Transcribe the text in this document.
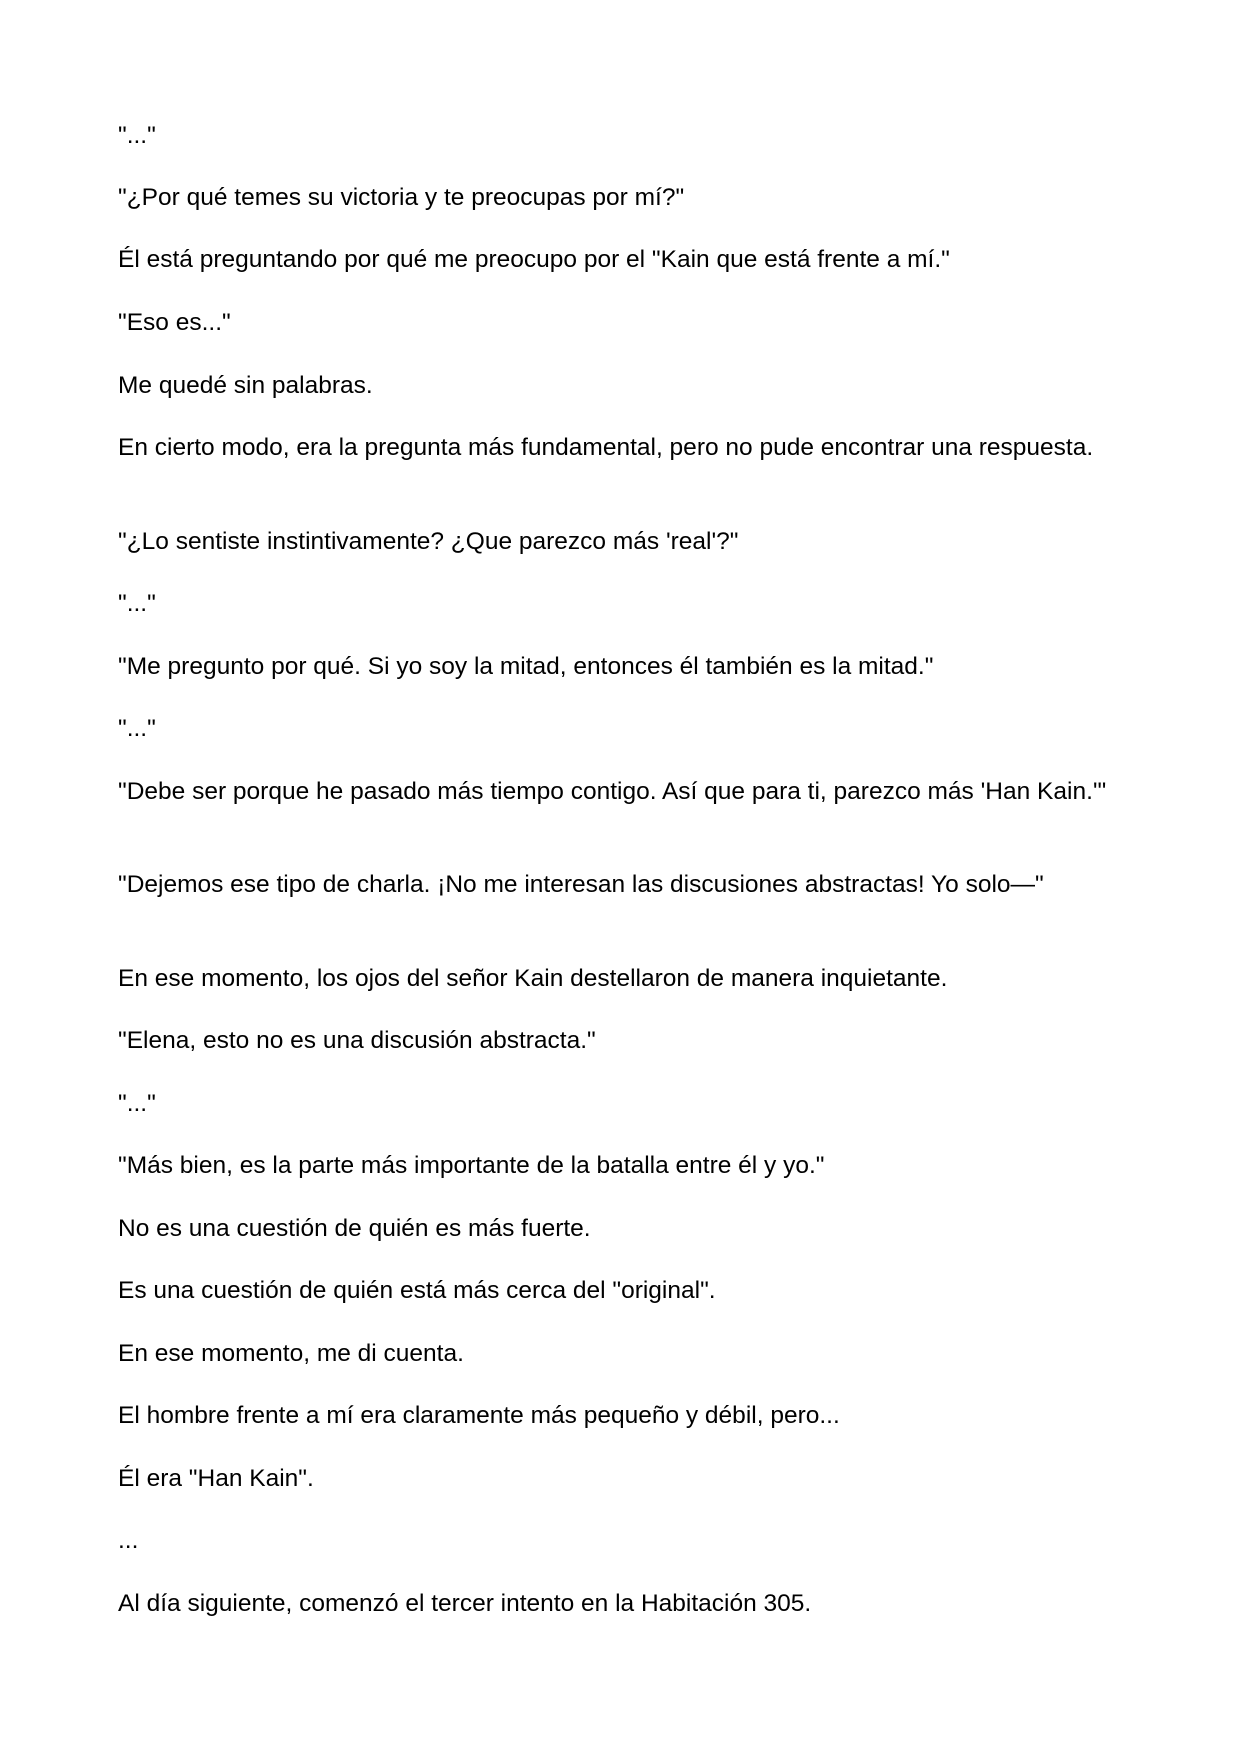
"..."

"¿Por qué temes su victoria y te preocupas por mí?"

Él está preguntando por qué me preocupo por el "Kain que está frente a mí."

"Eso es..."

Me quedé sin palabras.

En cierto modo, era la pregunta más fundamental, pero no pude encontrar una respuesta.

"¿Lo sentiste instintivamente? ¿Que parezco más 'real'?"

"..."

"Me pregunto por qué. Si yo soy la mitad, entonces él también es la mitad."

"..."

"Debe ser porque he pasado más tiempo contigo. Así que para ti, parezco más 'Han Kain.'"

"Dejemos ese tipo de charla. ¡No me interesan las discusiones abstractas! Yo solo—"

En ese momento, los ojos del señor Kain destellaron de manera inquietante.

"Elena, esto no es una discusión abstracta."

"..."

"Más bien, es la parte más importante de la batalla entre él y yo."

No es una cuestión de quién es más fuerte.

Es una cuestión de quién está más cerca del "original".

En ese momento, me di cuenta.

El hombre frente a mí era claramente más pequeño y débil, pero...

Él era "Han Kain".

...

Al día siguiente, comenzó el tercer intento en la Habitación 305.
